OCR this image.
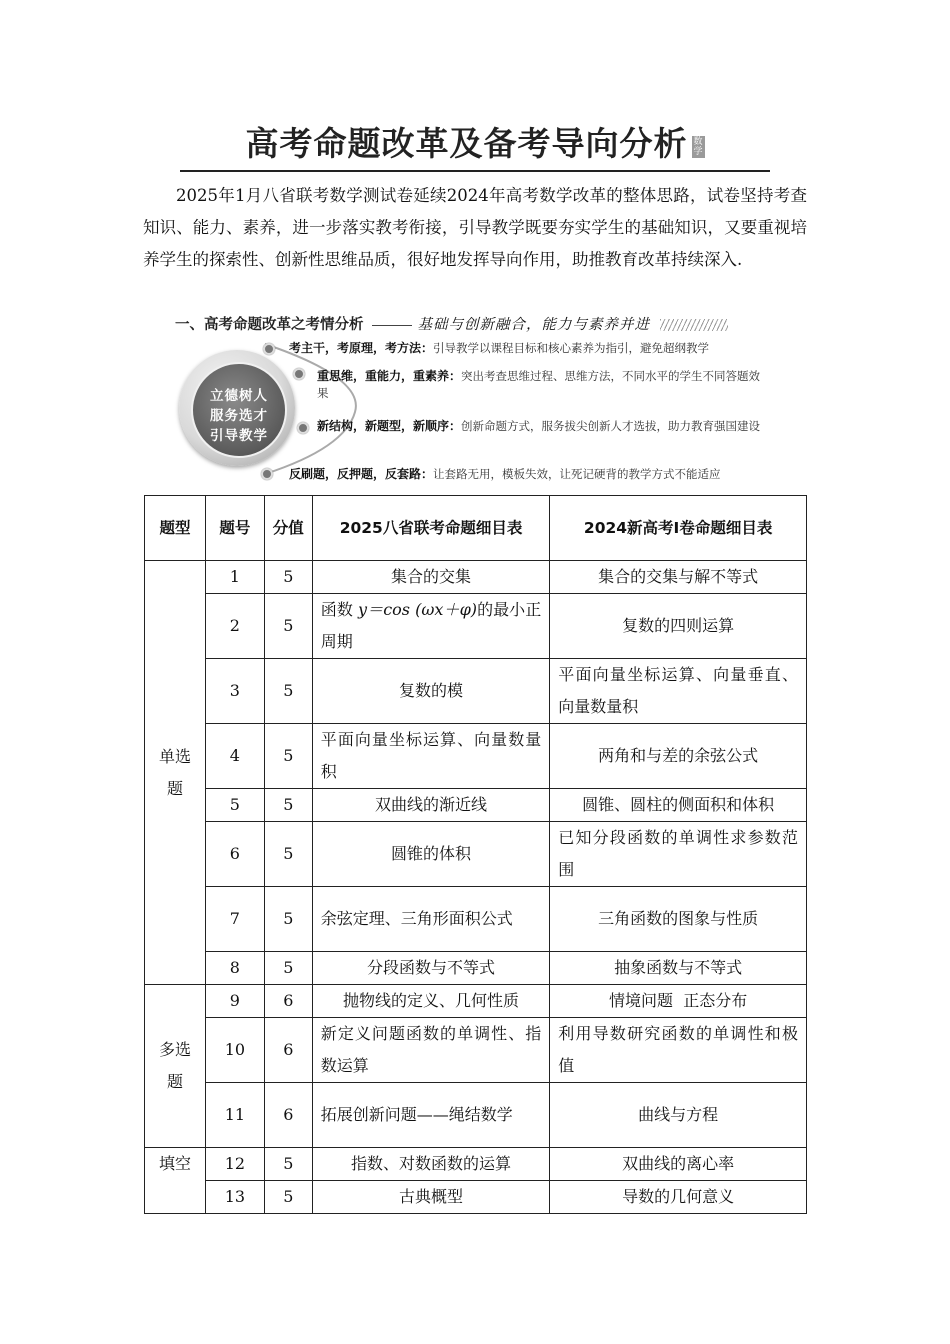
高考命题改革及备考导向分析 数学

2025年1月八省联考数学测试卷延续2024年高考数学改革的整体思路，试卷坚持考查知识、能力、素养，进一步落实教考衔接，引导教学既要夯实学生的基础知识，又要重视培养学生的探索性、创新性思维品质，很好地发挥导向作用，助推教育改革持续深入.

一、高考命题改革之考情分析	基础与创新融合，能力与素养并进
立德树人
服务选才
引导教学
考主干，考原理，考方法：引导教学以课程目标和核心素养为指引，避免超纲教学
重思维，重能力，重素养：突出考查思维过程、思维方法，不同水平的学生不同答题效果
新结构，新题型，新顺序：创新命题方式，服务拔尖创新人才选拔，助力教育强国建设
反刷题，反押题，反套路：让套路无用，模板失效，让死记硬背的教学方式不能适应
题型	题号	分值	2025八省联考命题细目表	2024新高考Ⅰ卷命题细目表
单选题	1	5	集合的交集	集合的交集与解不等式
	2	5	函数 y＝cos (ωx＋φ)的最小正周期	复数的四则运算
	3	5	复数的模	平面向量坐标运算、向量垂直、向量数量积
	4	5	平面向量坐标运算、向量数量积	两角和与差的余弦公式
	5	5	双曲线的渐近线	圆锥、圆柱的侧面积和体积
	6	5	圆锥的体积	已知分段函数的单调性求参数范围
	7	5	余弦定理、三角形面积公式	三角函数的图象与性质
	8	5	分段函数与不等式	抽象函数与不等式
多选题	9	6	抛物线的定义、几何性质	情境问题  正态分布
	10	6	新定义问题函数的单调性、指数运算	利用导数研究函数的单调性和极值
	11	6	拓展创新问题——绳结数学	曲线与方程
填空	12	5	指数、对数函数的运算	双曲线的离心率
	13	5	古典概型	导数的几何意义
